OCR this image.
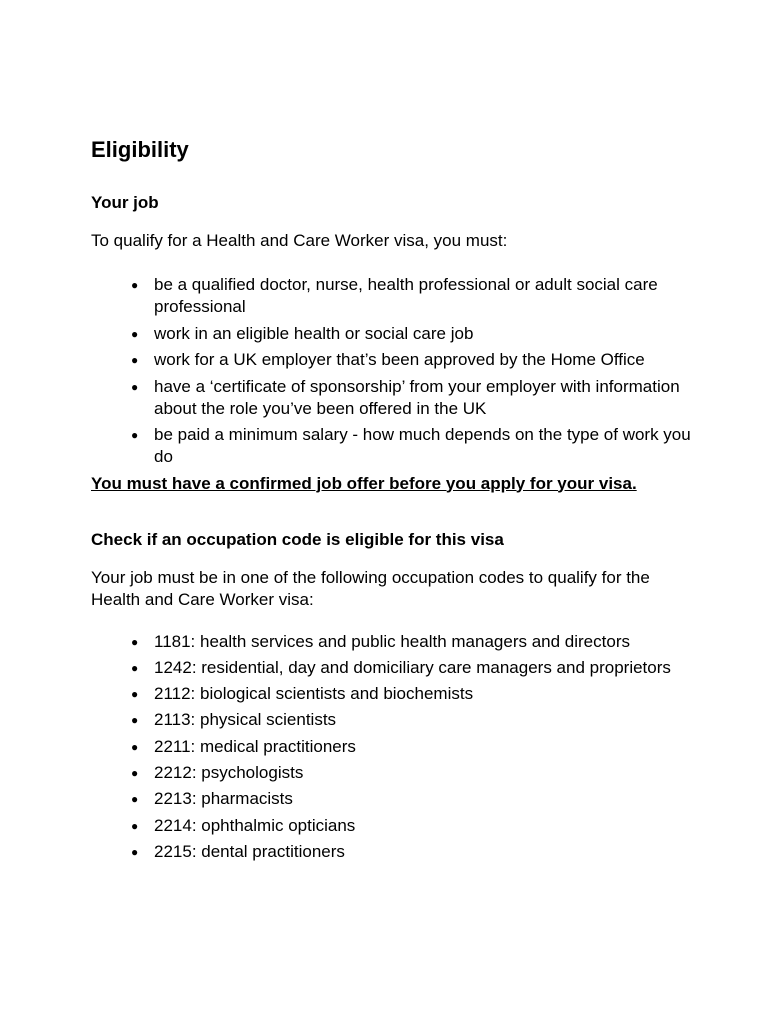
Eligibility
Your job

To qualify for a Health and Care Worker visa, you must:

● be a qualified doctor, nurse, health professional or adult social care professional
● work in an eligible health or social care job
● work for a UK employer that’s been approved by the Home Office
● have a ‘certificate of sponsorship’ from your employer with information about the role you’ve been offered in the UK
● be paid a minimum salary - how much depends on the type of work you do

You must have a confirmed job offer before you apply for your visa.

Check if an occupation code is eligible for this visa

Your job must be in one of the following occupation codes to qualify for the Health and Care Worker visa:

● 1181: health services and public health managers and directors
● 1242: residential, day and domiciliary care managers and proprietors
● 2112: biological scientists and biochemists
● 2113: physical scientists
● 2211: medical practitioners
● 2212: psychologists
● 2213: pharmacists
● 2214: ophthalmic opticians
● 2215: dental practitioners
